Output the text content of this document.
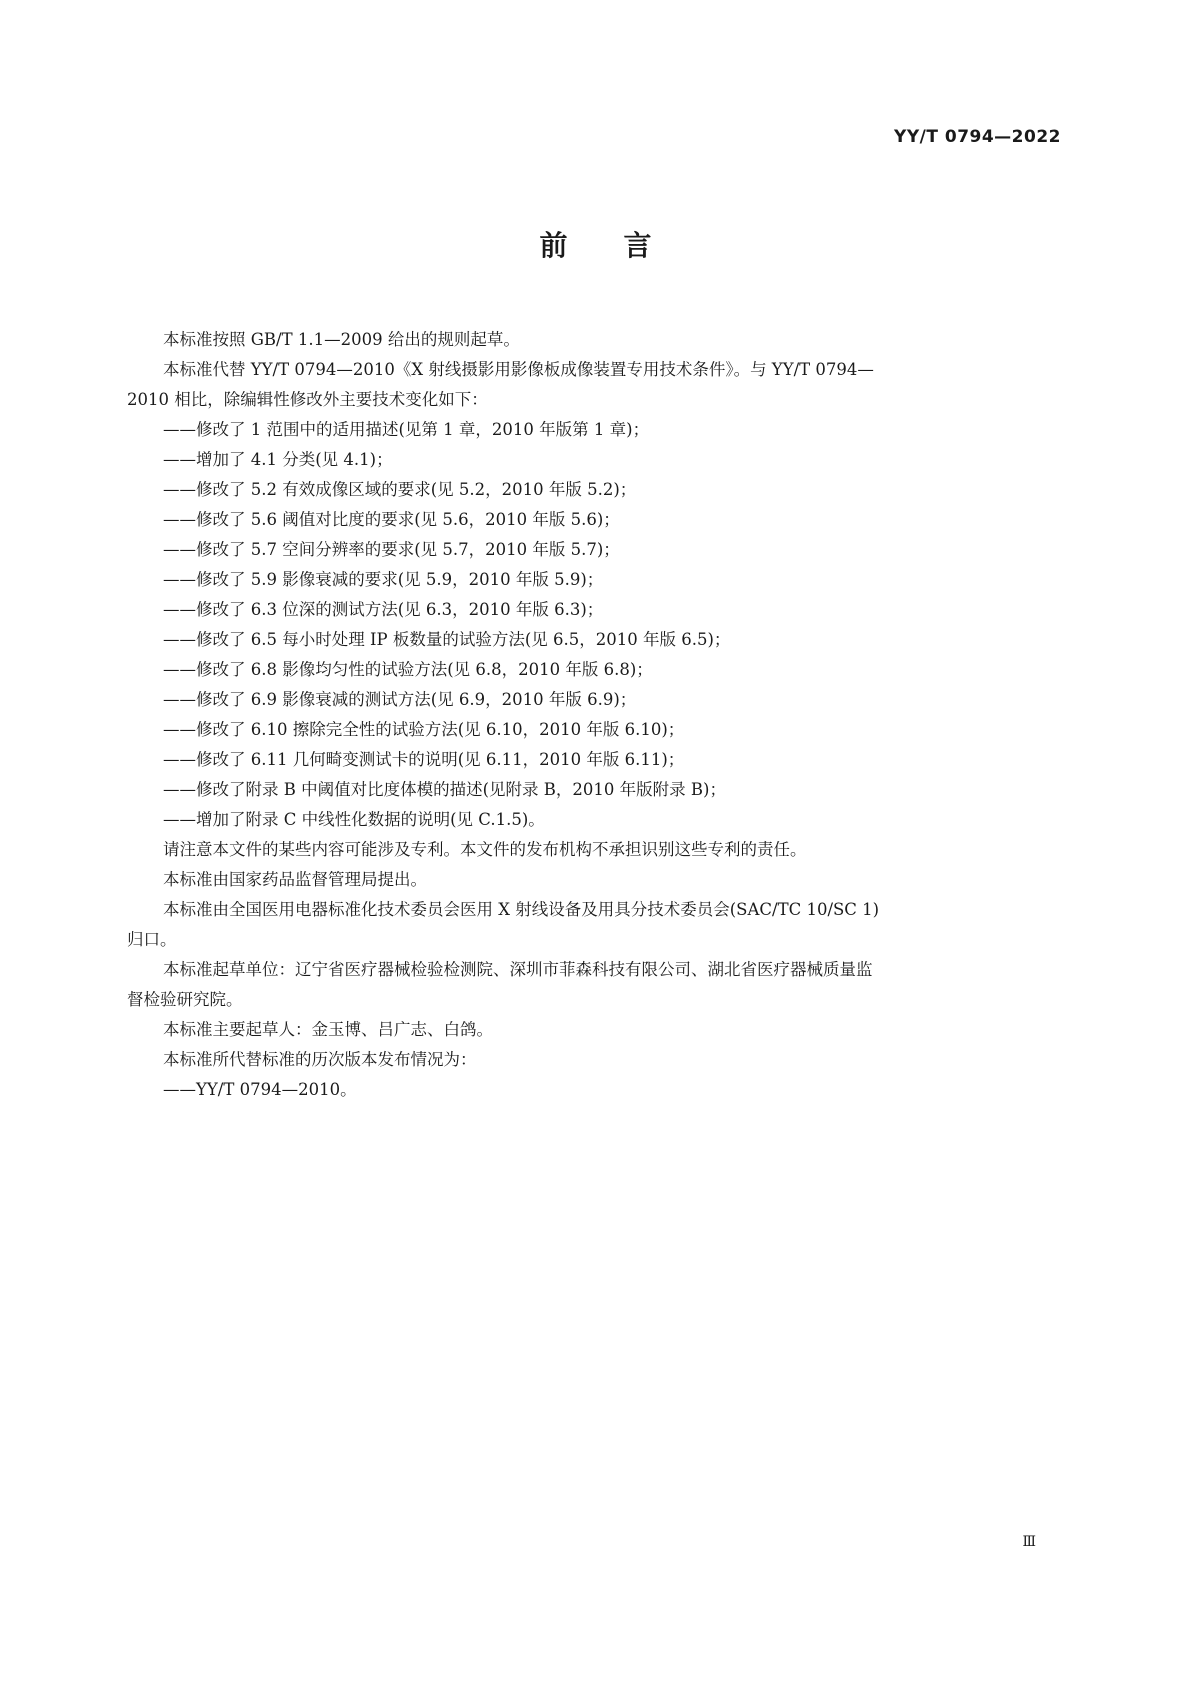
YY/T 0794—2022
前 言
本标准按照 GB/T 1.1—2009 给出的规则起草。
本标准代替 YY/T 0794—2010《X 射线摄影用影像板成像装置专用技术条件》。与 YY/T 0794—
2010 相比，除编辑性修改外主要技术变化如下：
——修改了 1 范围中的适用描述(见第 1 章，2010 年版第 1 章)；
——增加了 4.1 分类(见 4.1)；
——修改了 5.2 有效成像区域的要求(见 5.2，2010 年版 5.2)；
——修改了 5.6 阈值对比度的要求(见 5.6，2010 年版 5.6)；
——修改了 5.7 空间分辨率的要求(见 5.7，2010 年版 5.7)；
——修改了 5.9 影像衰减的要求(见 5.9，2010 年版 5.9)；
——修改了 6.3 位深的测试方法(见 6.3，2010 年版 6.3)；
——修改了 6.5 每小时处理 IP 板数量的试验方法(见 6.5，2010 年版 6.5)；
——修改了 6.8 影像均匀性的试验方法(见 6.8，2010 年版 6.8)；
——修改了 6.9 影像衰减的测试方法(见 6.9，2010 年版 6.9)；
——修改了 6.10 擦除完全性的试验方法(见 6.10，2010 年版 6.10)；
——修改了 6.11 几何畸变测试卡的说明(见 6.11，2010 年版 6.11)；
——修改了附录 B 中阈值对比度体模的描述(见附录 B，2010 年版附录 B)；
——增加了附录 C 中线性化数据的说明(见 C.1.5)。
请注意本文件的某些内容可能涉及专利。本文件的发布机构不承担识别这些专利的责任。
本标准由国家药品监督管理局提出。
本标准由全国医用电器标准化技术委员会医用 X 射线设备及用具分技术委员会(SAC/TC 10/SC 1)
归口。
本标准起草单位：辽宁省医疗器械检验检测院、深圳市菲森科技有限公司、湖北省医疗器械质量监
督检验研究院。
本标准主要起草人：金玉博、吕广志、白鸽。
本标准所代替标准的历次版本发布情况为：
——YY/T 0794—2010。
Ⅲ
